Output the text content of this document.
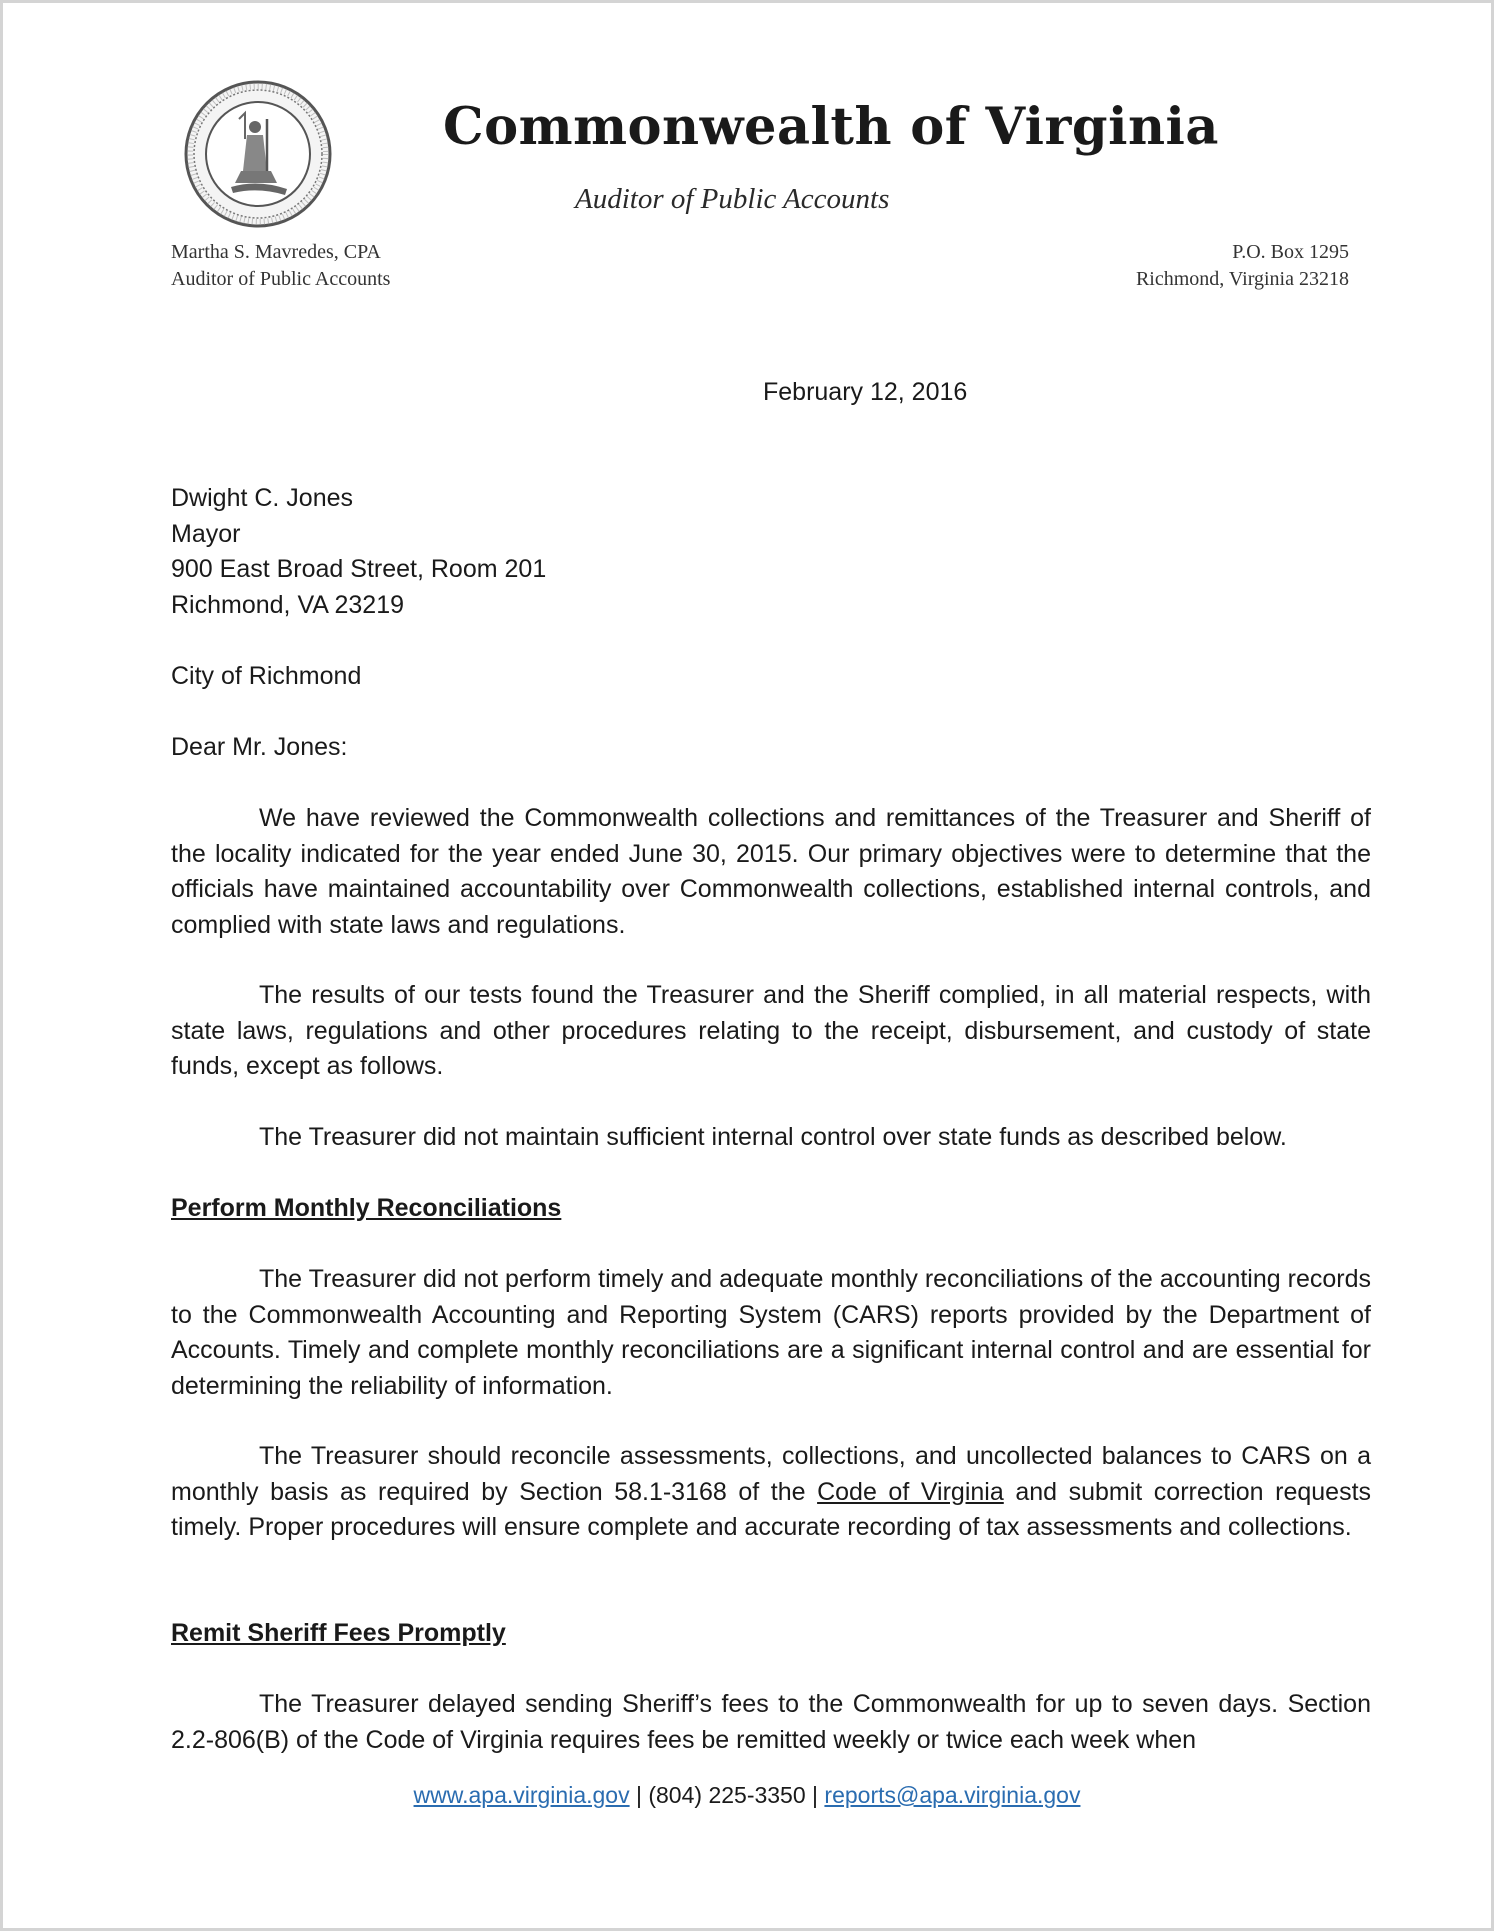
Commonwealth of Virginia
Auditor of Public Accounts
Martha S. Mavredes, CPA
Auditor of Public Accounts
P.O. Box 1295
Richmond, Virginia 23218
February 12, 2016
Dwight C. Jones
Mayor
900 East Broad Street, Room 201
Richmond, VA 23219
City of Richmond
Dear Mr. Jones:

We have reviewed the Commonwealth collections and remittances of the Treasurer and Sheriff of the locality indicated for the year ended June 30, 2015. Our primary objectives were to determine that the officials have maintained accountability over Commonwealth collections, established internal controls, and complied with state laws and regulations.

The results of our tests found the Treasurer and the Sheriff complied, in all material respects, with state laws, regulations and other procedures relating to the receipt, disbursement, and custody of state funds, except as follows.

The Treasurer did not maintain sufficient internal control over state funds as described below.

Perform Monthly Reconciliations

The Treasurer did not perform timely and adequate monthly reconciliations of the accounting records to the Commonwealth Accounting and Reporting System (CARS) reports provided by the Department of Accounts. Timely and complete monthly reconciliations are a significant internal control and are essential for determining the reliability of information.

The Treasurer should reconcile assessments, collections, and uncollected balances to CARS on a monthly basis as required by Section 58.1-3168 of the Code of Virginia and submit correction requests timely. Proper procedures will ensure complete and accurate recording of tax assessments and collections.

Remit Sheriff Fees Promptly

The Treasurer delayed sending Sheriff’s fees to the Commonwealth for up to seven days. Section 2.2-806(B) of the Code of Virginia requires fees be remitted weekly or twice each week when

www.apa.virginia.gov | (804) 225-3350 | reports@apa.virginia.gov
